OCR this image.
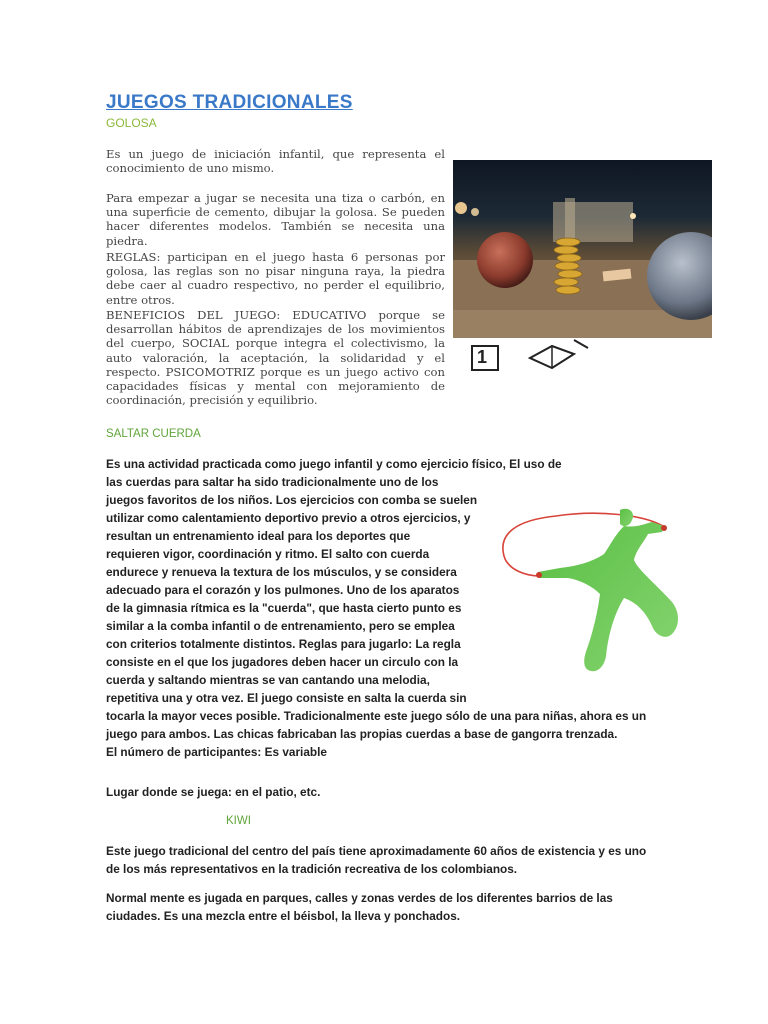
JUEGOS TRADICIONALES
GOLOSA

Es un juego de iniciación infantil, que representa el conocimiento de uno mismo.

Para empezar a jugar se necesita una tiza o carbón, en una superficie de cemento, dibujar la golosa. Se pueden hacer diferentes modelos. También se necesita una piedra.

REGLAS: participan en el juego hasta 6 personas por golosa, las reglas son no pisar ninguna raya, la piedra debe caer al cuadro respectivo, no perder el equilibrio, entre otros.

BENEFICIOS DEL JUEGO: EDUCATIVO porque se desarrollan hábitos de aprendizajes de los movimientos del cuerpo, SOCIAL porque integra el colectivismo, la auto valoración, la aceptación, la solidaridad y el respecto. PSICOMOTRIZ porque es un juego activo con capacidades físicas y mental con mejoramiento de coordinación, precisión y equilibrio.

1
SALTAR CUERDA

Es una actividad practicada como juego infantil y como ejercicio físico, El uso de

las cuerdas para saltar ha sido tradicionalmente uno de los

juegos favoritos de los niños. Los ejercicios con comba se suelen

utilizar como calentamiento deportivo previo a otros ejercicios, y

resultan un entrenamiento ideal para los deportes que

requieren vigor, coordinación y ritmo. El salto con cuerda

endurece y renueva la textura de los músculos, y se considera

adecuado para el corazón y los pulmones. Uno de los aparatos

de la gimnasia rítmica es la "cuerda", que hasta cierto punto es

similar a la comba infantil o de entrenamiento, pero se emplea

con criterios totalmente distintos. Reglas para jugarlo: La regla

consiste en el que los jugadores deben hacer un circulo con la

cuerda y saltando mientras se van cantando una melodia,

repetitiva una y otra vez. El juego consiste en salta la cuerda sin

tocarla la mayor veces posible. Tradicionalmente este juego sólo de una para niñas, ahora es un

juego para ambos. Las chicas fabricaban las propias cuerdas a base de gangorra trenzada.

El número de participantes: Es variable

Lugar donde se juega: en el patio, etc.

KIWI

Este juego tradicional del centro del país tiene aproximadamente 60 años de existencia y es uno

de los más representativos en la tradición recreativa de los colombianos.

Normal mente es jugada en parques, calles y zonas verdes de los diferentes barrios de las

ciudades. Es una mezcla entre el béisbol, la lleva y ponchados.
